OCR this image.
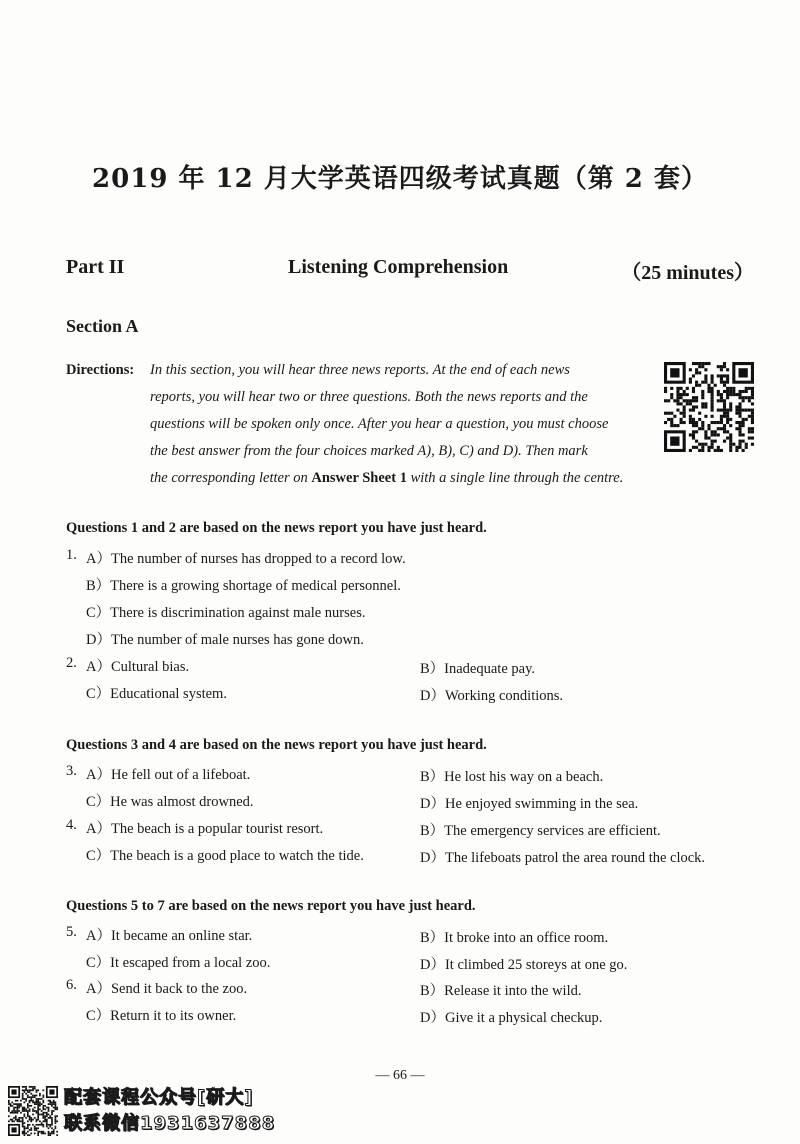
2019 年 12 月大学英语四级考试真题（第 2 套）
Part II	Listening Comprehension	（25 minutes）
Section A
Directions: In this section, you will hear three news reports. At the end of each news
reports, you will hear two or three questions. Both the news reports and the
questions will be spoken only once. After you hear a question, you must choose
the best answer from the four choices marked A), B), C) and D). Then mark
the corresponding letter on Answer Sheet 1 with a single line through the centre.
Questions 1 and 2 are based on the news report you have just heard.
1. A）The number of nurses has dropped to a record low.
B）There is a growing shortage of medical personnel.
C）There is discrimination against male nurses.
D）The number of male nurses has gone down.
2. A）Cultural bias.	B）Inadequate pay.
C）Educational system.	D）Working conditions.
Questions 3 and 4 are based on the news report you have just heard.
3. A）He fell out of a lifeboat.	B）He lost his way on a beach.
C）He was almost drowned.	D）He enjoyed swimming in the sea.
4. A）The beach is a popular tourist resort.	B）The emergency services are efficient.
C）The beach is a good place to watch the tide.	D）The lifeboats patrol the area round the clock.
Questions 5 to 7 are based on the news report you have just heard.
5. A）It became an online star.	B）It broke into an office room.
C）It escaped from a local zoo.	D）It climbed 25 storeys at one go.
6. A）Send it back to the zoo.	B）Release it into the wild.
C）Return it to its owner.	D）Give it a physical checkup.
— 66 —
配套课程公众号[研大]
联系微信1931637888
